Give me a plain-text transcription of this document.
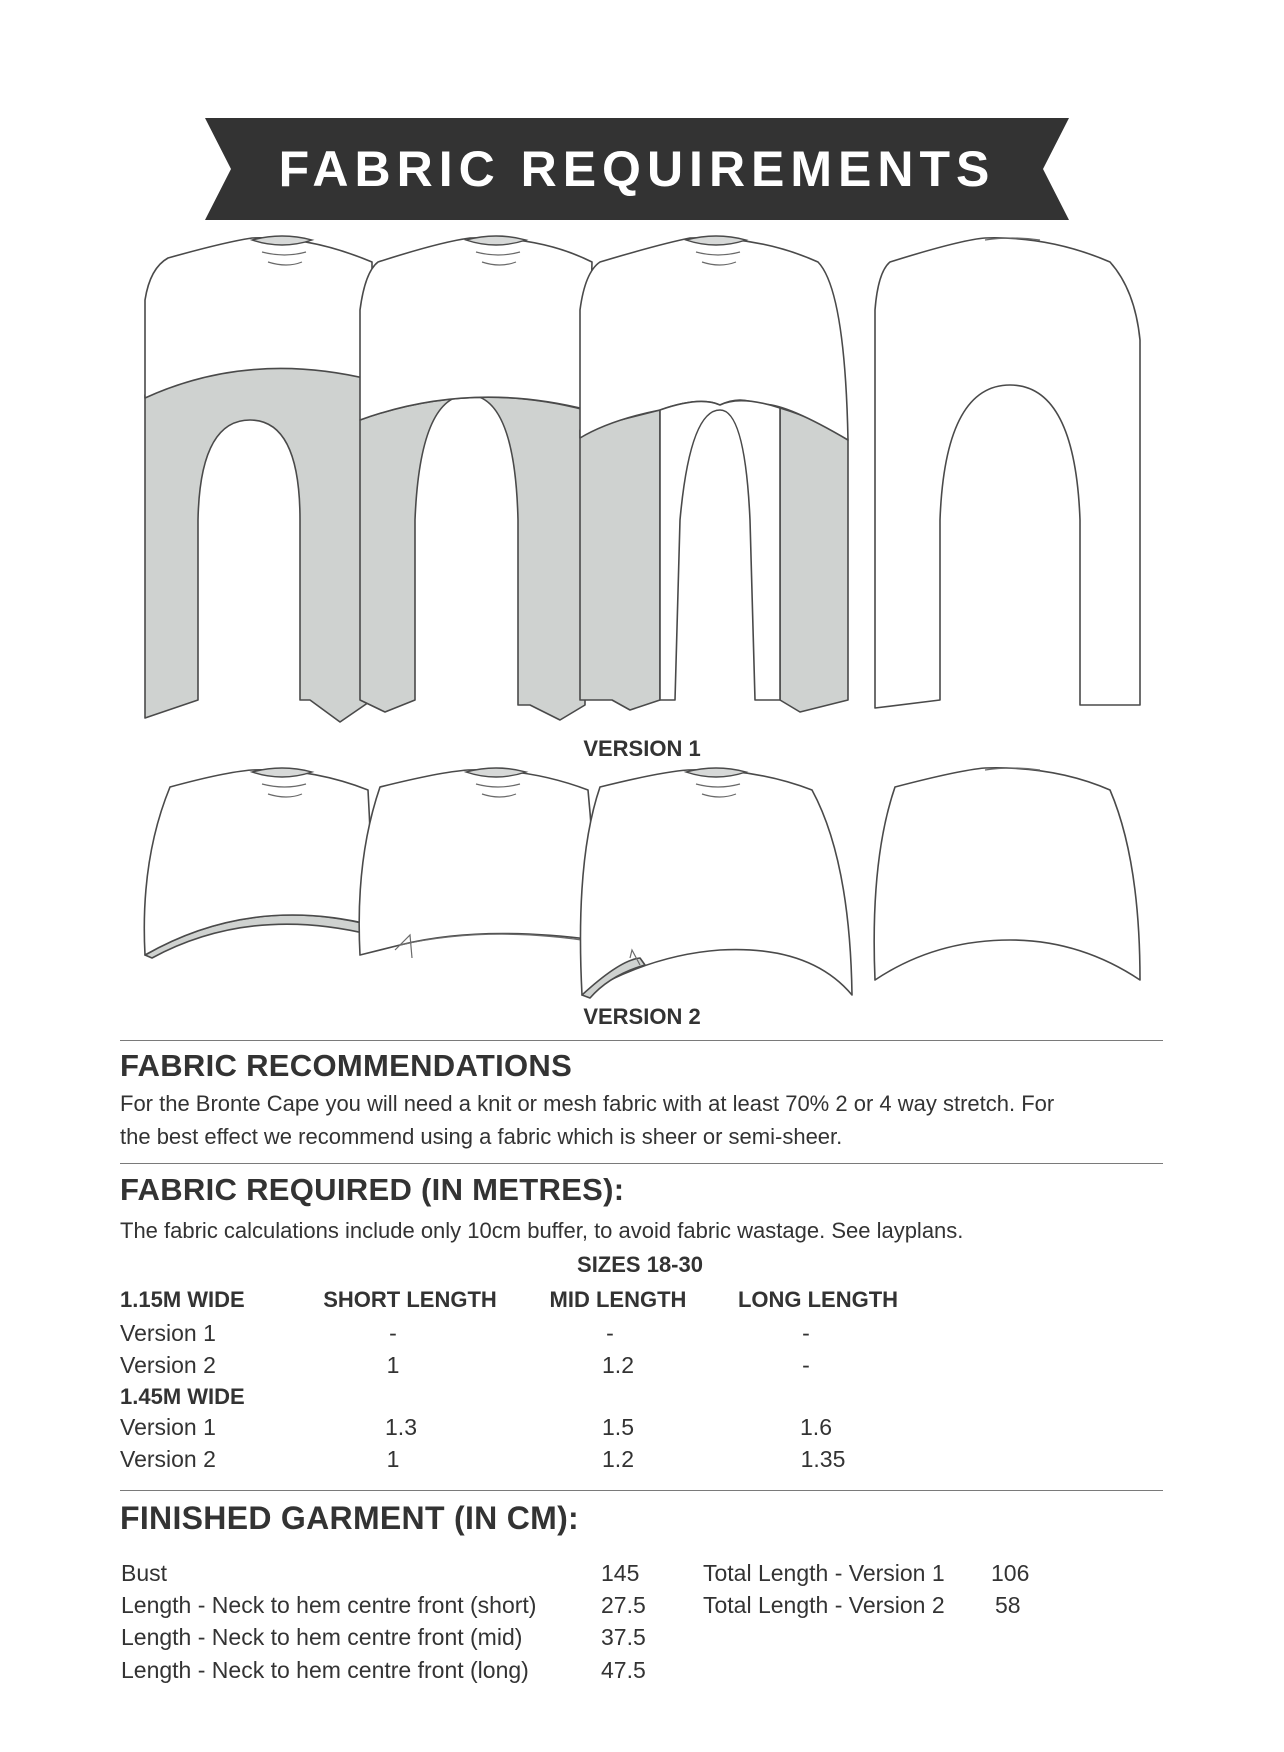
FABRIC REQUIREMENTS
VERSION 1
VERSION 2
FABRIC RECOMMENDATIONS
For the Bronte Cape you will need a knit or mesh fabric with at least 70% 2 or 4 way stretch. For
the best effect we recommend using a fabric which is sheer or semi-sheer.
FABRIC REQUIRED (IN METRES):
The fabric calculations include only 10cm buffer, to avoid fabric wastage. See layplans.
SIZES 18-30
1.15M WIDE	SHORT LENGTH MID LENGTH LONG LENGTH
Version 1	-	-	-
Version 2	1	1.2	-
1.45M WIDE
Version 1	1.3	1.5	1.6
Version 2	1	1.2	1.35
FINISHED GARMENT (IN CM):
Bust	145
Length - Neck to hem centre front (short)	27.5
Length - Neck to hem centre front (mid)	37.5
Length - Neck to hem centre front (long)	47.5
Total Length - Version 1 106
Total Length - Version 2 58
